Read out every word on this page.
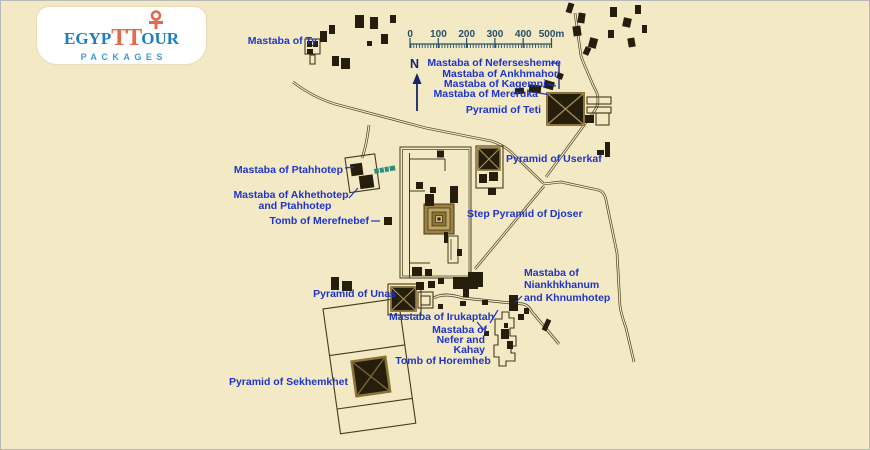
Mastaba of Ty
Mastaba of Neferseshemre
Mastaba of Ankhmahor
Mastaba of Kagemni
Mastaba of Mereruka
Pyramid of Teti
Pyramid of Userkaf
Step Pyramid of Djoser
Mastaba of Ptahhotep
Mastaba of Akhethotep
and Ptahhotep
Tomb of Merefnebef
Pyramid of Unas
Mastaba of Irukaptah
Mastaba of
Nefer and
Kahay
Tomb of Horemheb
Pyramid of Sekhemkhet
Mastaba of
Niankhkhanum
and Khnumhotep
0 100 200 300 400 500m
N
EGYPTTOUR
PACKAGES
